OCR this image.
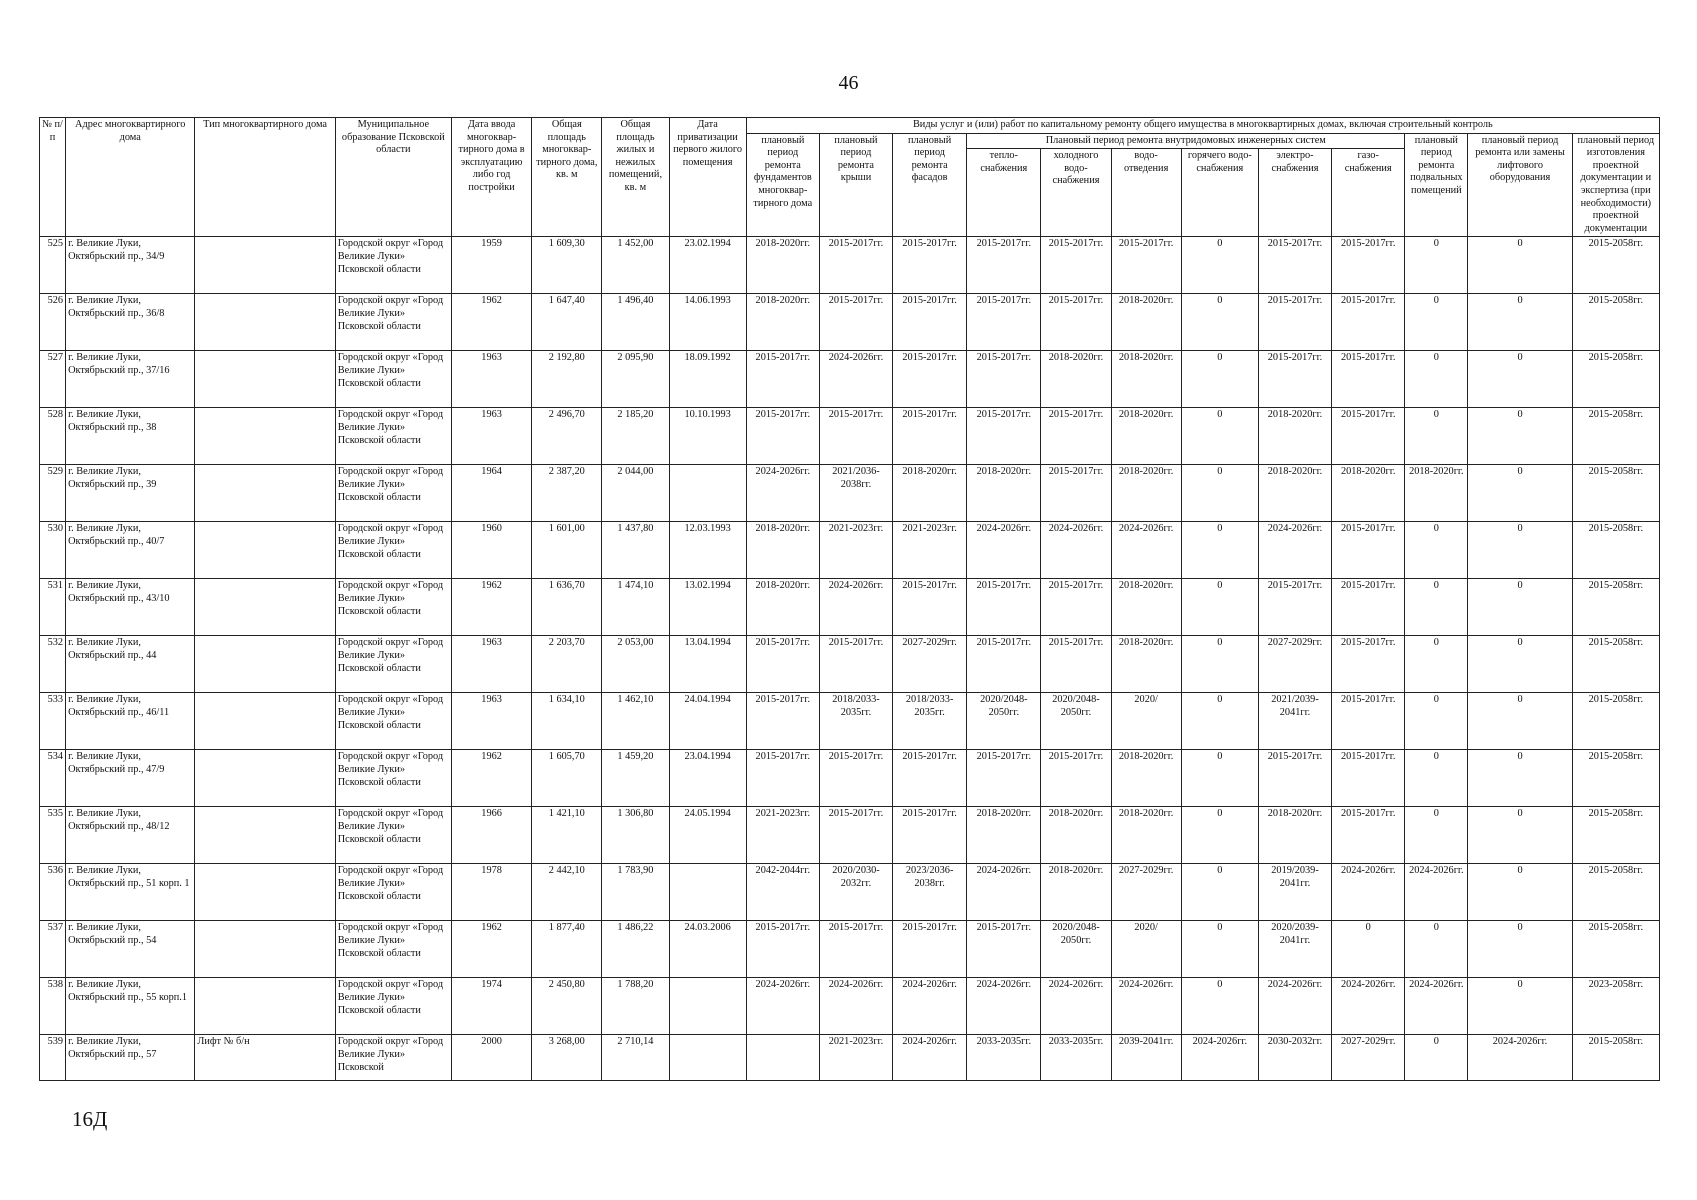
46
№ п/п	Адрес многоквартирного дома	Тип многоквартирного дома	Муниципальное образование Псковской области	Дата ввода многоквар-тирного дома в эксплуатацию либо год постройки	Общая площадь многоквар-тирного дома, кв. м	Общая площадь жилых и нежилых помещений, кв. м	Дата приватизации первого жилого помещения	Виды услуг и (или) работ по капитальному ремонту общего имущества в многоквартирных домах, включая строительный контроль											
								плановый период ремонта фундаментов многоквар-тирного дома	плановый период ремонта крыши	плановый период ремонта фасадов	Плановый период ремонта внутридомовых инженерных систем						плановый период ремонта подвальных помещений	плановый период ремонта или замены лифтового оборудования	плановый период изготовления проектной документации и экспертиза (при необходимости) проектной документации
											тепло-снабжения	холодного водо-снабжения	водо-отведения	горячего водо-снабжения	электро-снабжения	газо-снабжения			
525	г. Великие Луки, Октябрьский пр., 34/9		Городской округ «Город Великие Луки» Псковской области	1959	1 609,30	1 452,00	23.02.1994	2018-2020гг.	2015-2017гг.	2015-2017гг.	2015-2017гг.	2015-2017гг.	2015-2017гг.	0	2015-2017гг.	2015-2017гг.	0	0	2015-2058гг.
526	г. Великие Луки, Октябрьский пр., 36/8		Городской округ «Город Великие Луки» Псковской области	1962	1 647,40	1 496,40	14.06.1993	2018-2020гг.	2015-2017гг.	2015-2017гг.	2015-2017гг.	2015-2017гг.	2018-2020гг.	0	2015-2017гг.	2015-2017гг.	0	0	2015-2058гг.
527	г. Великие Луки, Октябрьский пр., 37/16		Городской округ «Город Великие Луки» Псковской области	1963	2 192,80	2 095,90	18.09.1992	2015-2017гг.	2024-2026гг.	2015-2017гг.	2015-2017гг.	2018-2020гг.	2018-2020гг.	0	2015-2017гг.	2015-2017гг.	0	0	2015-2058гг.
528	г. Великие Луки, Октябрьский пр., 38		Городской округ «Город Великие Луки» Псковской области	1963	2 496,70	2 185,20	10.10.1993	2015-2017гг.	2015-2017гг.	2015-2017гг.	2015-2017гг.	2015-2017гг.	2018-2020гг.	0	2018-2020гг.	2015-2017гг.	0	0	2015-2058гг.
529	г. Великие Луки, Октябрьский пр., 39		Городской округ «Город Великие Луки» Псковской области	1964	2 387,20	2 044,00		2024-2026гг.	2021/2036-2038гг.	2018-2020гг.	2018-2020гг.	2015-2017гг.	2018-2020гг.	0	2018-2020гг.	2018-2020гг.	2018-2020гг.	0	2015-2058гг.
530	г. Великие Луки, Октябрьский пр., 40/7		Городской округ «Город Великие Луки» Псковской области	1960	1 601,00	1 437,80	12.03.1993	2018-2020гг.	2021-2023гг.	2021-2023гг.	2024-2026гг.	2024-2026гг.	2024-2026гг.	0	2024-2026гг.	2015-2017гг.	0	0	2015-2058гг.
531	г. Великие Луки, Октябрьский пр., 43/10		Городской округ «Город Великие Луки» Псковской области	1962	1 636,70	1 474,10	13.02.1994	2018-2020гг.	2024-2026гг.	2015-2017гг.	2015-2017гг.	2015-2017гг.	2018-2020гг.	0	2015-2017гг.	2015-2017гг.	0	0	2015-2058гг.
532	г. Великие Луки, Октябрьский пр., 44		Городской округ «Город Великие Луки» Псковской области	1963	2 203,70	2 053,00	13.04.1994	2015-2017гг.	2015-2017гг.	2027-2029гг.	2015-2017гг.	2015-2017гг.	2018-2020гг.	0	2027-2029гг.	2015-2017гг.	0	0	2015-2058гг.
533	г. Великие Луки, Октябрьский пр., 46/11		Городской округ «Город Великие Луки» Псковской области	1963	1 634,10	1 462,10	24.04.1994	2015-2017гг.	2018/2033-2035гг.	2018/2033-2035гг.	2020/2048-2050гг.	2020/2048-2050гг.	2020/	0	2021/2039-2041гг.	2015-2017гг.	0	0	2015-2058гг.
534	г. Великие Луки, Октябрьский пр., 47/9		Городской округ «Город Великие Луки» Псковской области	1962	1 605,70	1 459,20	23.04.1994	2015-2017гг.	2015-2017гг.	2015-2017гг.	2015-2017гг.	2015-2017гг.	2018-2020гг.	0	2015-2017гг.	2015-2017гг.	0	0	2015-2058гг.
535	г. Великие Луки, Октябрьский пр., 48/12		Городской округ «Город Великие Луки» Псковской области	1966	1 421,10	1 306,80	24.05.1994	2021-2023гг.	2015-2017гг.	2015-2017гг.	2018-2020гг.	2018-2020гг.	2018-2020гг.	0	2018-2020гг.	2015-2017гг.	0	0	2015-2058гг.
536	г. Великие Луки, Октябрьский пр., 51 корп. 1		Городской округ «Город Великие Луки» Псковской области	1978	2 442,10	1 783,90		2042-2044гг.	2020/2030-2032гг.	2023/2036-2038гг.	2024-2026гг.	2018-2020гг.	2027-2029гг.	0	2019/2039-2041гг.	2024-2026гг.	2024-2026гг.	0	2015-2058гг.
537	г. Великие Луки, Октябрьский пр., 54		Городской округ «Город Великие Луки» Псковской области	1962	1 877,40	1 486,22	24.03.2006	2015-2017гг.	2015-2017гг.	2015-2017гг.	2015-2017гг.	2020/2048-2050гг.	2020/	0	2020/2039-2041гг.	0	0	0	2015-2058гг.
538	г. Великие Луки, Октябрьский пр., 55 корп.1		Городской округ «Город Великие Луки» Псковской области	1974	2 450,80	1 788,20		2024-2026гг.	2024-2026гг.	2024-2026гг.	2024-2026гг.	2024-2026гг.	2024-2026гг.	0	2024-2026гг.	2024-2026гг.	2024-2026гг.	0	2023-2058гг.
539	г. Великие Луки, Октябрьский пр., 57	Лифт № б/н	Городской округ «Город Великие Луки» Псковской	2000	3 268,00	2 710,14			2021-2023гг.	2024-2026гг.	2033-2035гг.	2033-2035гг.	2039-2041гг.	2024-2026гг.	2030-2032гг.	2027-2029гг.	0	2024-2026гг.	2015-2058гг.
16Д
